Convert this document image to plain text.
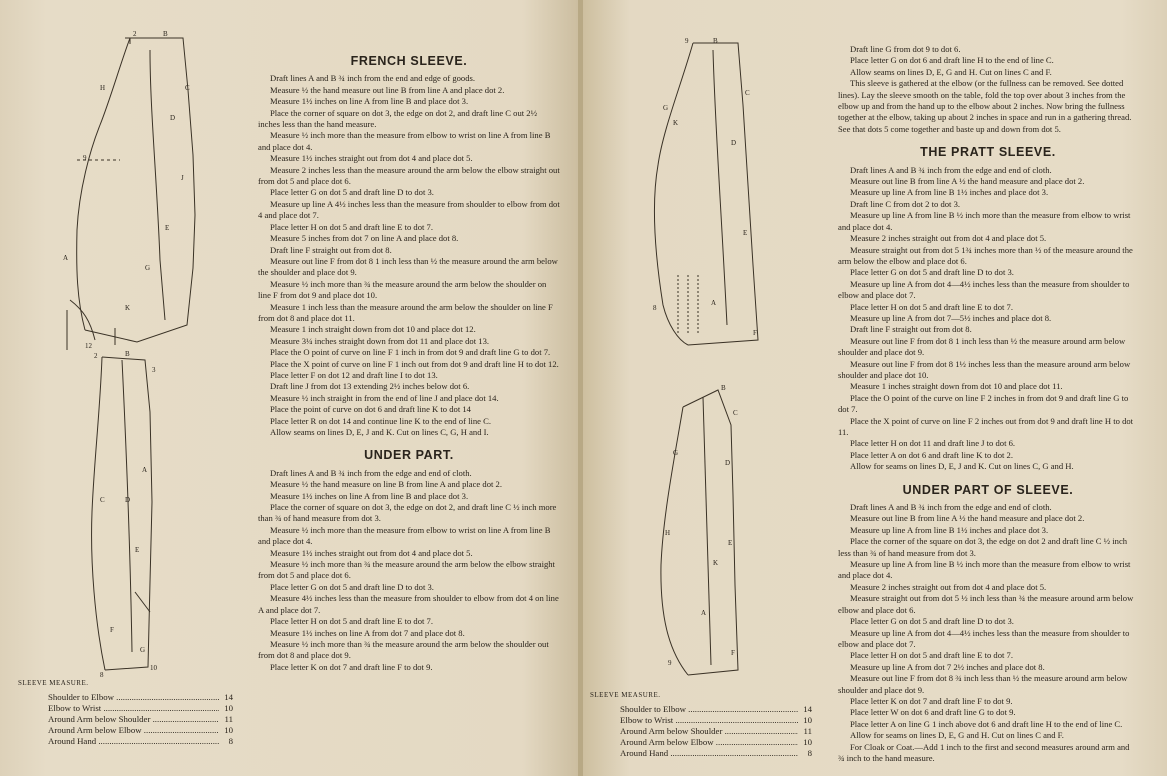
2	B
9
C
D
E
G
H
J
K
A
12
B
2
3
A
C	D
E
F
G
8
10
FRENCH SLEEVE.

Draft lines A and B ¾ inch from the end and edge of goods.

Measure ½ the hand measure out line B from line A and place dot 2.

Measure 1½ inches on line A from line B and place dot 3.

Place the corner of square on dot 3, the edge on dot 2, and draft line C out 2½ inches less than the hand measure.

Measure ½ inch more than the measure from elbow to wrist on line A from line B and place dot 4.

Measure 1½ inches straight out from dot 4 and place dot 5.

Measure 2 inches less than the measure around the arm below the elbow straight out from dot 5 and place dot 6.

Place letter G on dot 5 and draft line D to dot 3.

Measure up line A 4½ inches less than the measure from shoulder to elbow from dot 4 and place dot 7.

Place letter H on dot 5 and draft line E to dot 7.

Measure 5 inches from dot 7 on line A and place dot 8.

Draft line F straight out from dot 8.

Measure out line F from dot 8 1 inch less than ½ the measure around the arm below the shoulder and place dot 9.

Measure ½ inch more than ¾ the measure around the arm below the shoulder on line F from dot 9 and place dot 10.

Measure 1 inch less than the measure around the arm below the shoulder on line F from dot 8 and place dot 11.

Measure 1 inch straight down from dot 10 and place dot 12.

Measure 3¼ inches straight down from dot 11 and place dot 13.

Place the O point of curve on line F 1 inch in from dot 9 and draft line G to dot 7.

Place the X point of curve on line F 1 inch out from dot 9 and draft line H to dot 12.

Place letter F on dot 12 and draft line I to dot 13.

Draft line J from dot 13 extending 2½ inches below dot 6.

Measure ½ inch straight in from the end of line J and place dot 14.

Place the point of curve on dot 6 and draft line K to dot 14

Place letter R on dot 14 and continue line K to the end of line C.

Allow seams on lines D, E, J and K. Cut on lines C, G, H and I.

UNDER PART.

Draft lines A and B ¾ inch from the edge and end of cloth.

Measure ½ the hand measure on line B from line A and place dot 2.

Measure 1½ inches on line A from line B and place dot 3.

Place the corner of square on dot 3, the edge on dot 2, and draft line C ½ inch more than ¾ of hand measure from dot 3.

Measure ½ inch more than the measure from elbow to wrist on line A from line B and place dot 4.

Measure 1½ inches straight out from dot 4 and place dot 5.

Measure ½ inch more than ¾ the measure around the arm below the elbow straight from dot 5 and place dot 6.

Place letter G on dot 5 and draft line D to dot 3.

Measure 4½ inches less than the measure from shoulder to elbow from dot 4 on line A and place dot 7.

Place letter H on dot 5 and draft line E to dot 7.

Measure 1½ inches on line A from dot 7 and place dot 8.

Measure ½ inch more than ¾ the measure around the arm below the shoulder out from dot 8 and place dot 9.

Place letter K on dot 7 and draft line F to dot 9.

SLEEVE MEASURE.
Shoulder to Elbow .....	14
Elbow to Wrist .....	10
Around Arm below Shoulder .....	11
Around Arm below Elbow .....	10
Around Hand .....	8
9	B
C
D
E
F
G
K
A
8
B
C
D
E
F
G
H
A
K
9

Draft line G from dot 9 to dot 6.

Place letter G on dot 6 and draft line H to the end of line C.

Allow seams on lines D, E, G and H. Cut on lines C and F.

This sleeve is gathered at the elbow (or the fullness can be removed. See dotted lines). Lay the sleeve smooth on the table, fold the top over about 3 inches from the elbow up and from the hand up to the elbow about 2 inches. Now bring the fullness together at the elbow, taking up about 2 inches in space and run in a gathering thread. See that dots 5 come together and baste up and down from dot 5.

THE PRATT SLEEVE.

Draft lines A and B ¾ inch from the edge and end of cloth.

Measure out line B from line A ½ the hand measure and place dot 2.

Measure up line A from line B 1½ inches and place dot 3.

Draft line C from dot 2 to dot 3.

Measure up line A from line B ½ inch more than the measure from elbow to wrist and place dot 4.

Measure 2 inches straight out from dot 4 and place dot 5.

Measure straight out from dot 5 1¾ inches more than ½ of the measure around the arm below the elbow and place dot 6.

Place letter G on dot 5 and draft line D to dot 3.

Measure up line A from dot 4—4½ inches less than the measure from shoulder to elbow and place dot 7.

Place letter H on dot 5 and draft line E to dot 7.

Measure up line A from dot 7—5½ inches and place dot 8.

Draft line F straight out from dot 8.

Measure out line F from dot 8 1 inch less than ½ the measure around arm below shoulder and place dot 9.

Measure out line F from dot 8 1½ inches less than the measure around arm below shoulder and place dot 10.

Measure 1 inches straight down from dot 10 and place dot 11.

Place the O point of the curve on line F 2 inches in from dot 9 and draft line G to dot 7.

Place the X point of curve on line F 2 inches out from dot 9 and draft line H to dot 11.

Place letter H on dot 11 and draft line J to dot 6.

Place letter A on dot 6 and draft line K to dot 2.

Allow for seams on lines D, E, J and K. Cut on lines C, G and H.

UNDER PART OF SLEEVE.

Draft lines A and B ¾ inch from the edge and end of cloth.

Measure out line B from line A ½ the hand measure and place dot 2.

Measure up line A from line B 1½ inches and place dot 3.

Place the corner of the square on dot 3, the edge on dot 2 and draft line C ½ inch less than ¾ of hand measure from dot 3.

Measure up line A from line B ½ inch more than the measure from elbow to wrist and place dot 4.

Measure 2 inches straight out from dot 4 and place dot 5.

Measure straight out from dot 5 ½ inch less than ¾ the measure around arm below elbow and place dot 6.

Place letter G on dot 5 and draft line D to dot 3.

Measure up line A from dot 4—4½ inches less than the measure from shoulder to elbow and place dot 7.

Place letter H on dot 5 and draft line E to dot 7.

Measure up line A from dot 7 2½ inches and place dot 8.

Measure out line F from dot 8 ¾ inch less than ½ the measure around arm below shoulder and place dot 9.

Place letter K on dot 7 and draft line F to dot 9.

Place letter W on dot 6 and draft line G to dot 9.

Place letter A on line G 1 inch above dot 6 and draft line H to the end of line C.

Allow for seams on lines D, E, G and H. Cut on lines C and F.

For Cloak or Coat.—Add 1 inch to the first and second measures around arm and ¾ inch to the hand measure.

SLEEVE MEASURE.
Shoulder to Elbow .....	14
Elbow to Wrist .....	10
Around Arm below Shoulder .....	11
Around Arm below Elbow .....	10
Around Hand .....	8
